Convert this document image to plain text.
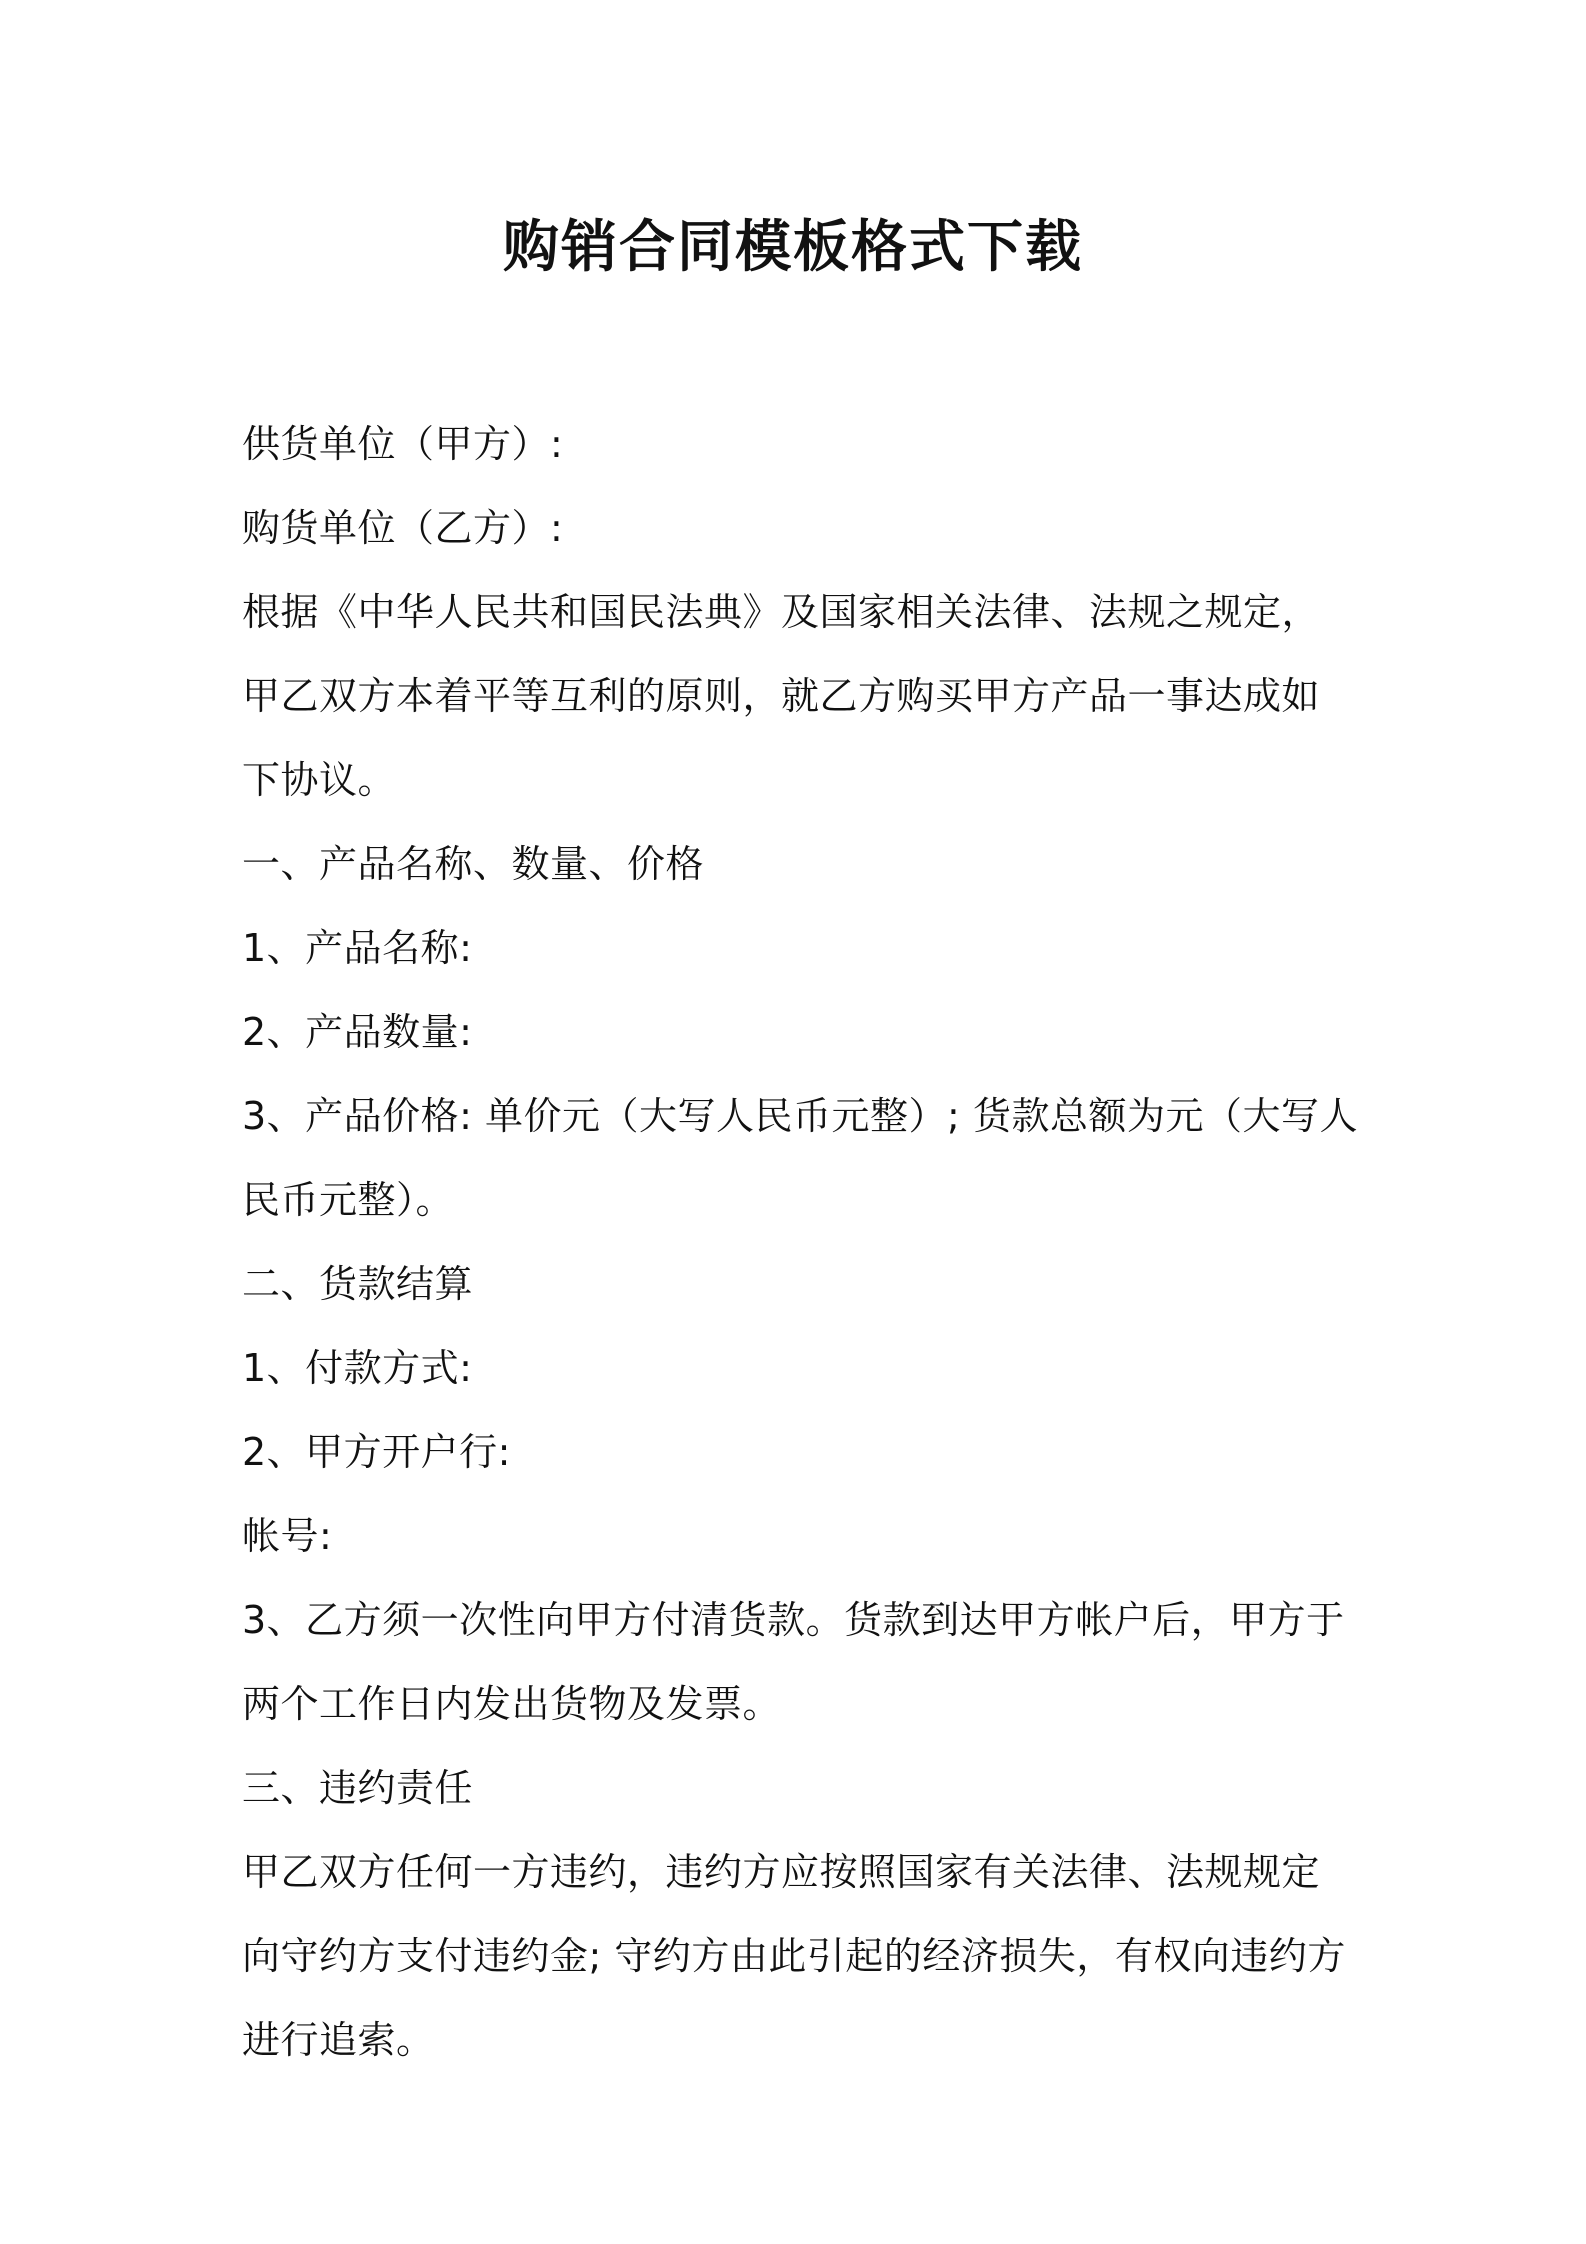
购销合同模板格式下载

供货单位（甲方）:

购货单位（乙方）:

根据《中华人民共和国民法典》及国家相关法律、法规之规定，甲乙双方本着平等互利的原则，就乙方购买甲方产品一事达成如下协议。

一、产品名称、数量、价格

1、产品名称:

2、产品数量:

3、产品价格: 单价元（大写人民币元整）; 货款总额为元（大写人民币元整）。

二、货款结算

1、付款方式:

2、甲方开户行:

帐号:

3、乙方须一次性向甲方付清货款。货款到达甲方帐户后，甲方于两个工作日内发出货物及发票。

三、违约责任

甲乙双方任何一方违约，违约方应按照国家有关法律、法规规定向守约方支付违约金; 守约方由此引起的经济损失，有权向违约方进行追索。
